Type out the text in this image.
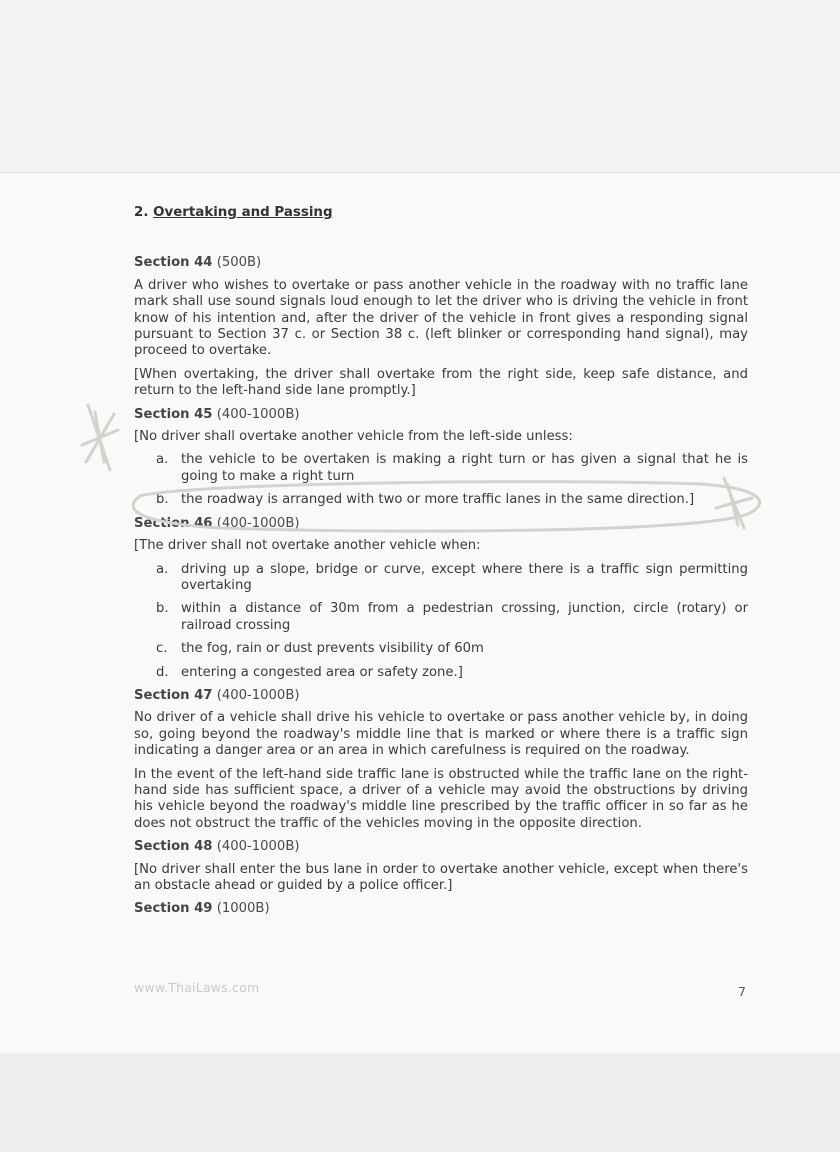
2. Overtaking and Passing
Section 44 (500B)

A driver who wishes to overtake or pass another vehicle in the roadway with no traffic lane mark shall use sound signals loud enough to let the driver who is driving the vehicle in front know of his intention and, after the driver of the vehicle in front gives a responding signal pursuant to Section 37 c. or Section 38 c. (left blinker or corresponding hand signal), may proceed to overtake.

[When overtaking, the driver shall overtake from the right side, keep safe distance, and return to the left-hand side lane promptly.]

Section 45 (400-1000B)

[No driver shall overtake another vehicle from the left-side unless:

a. the vehicle to be overtaken is making a right turn or has given a signal that he is going to make a right turn
b. the roadway is arranged with two or more traffic lanes in the same direction.]
Section 46 (400-1000B)

[The driver shall not overtake another vehicle when:

a. driving up a slope, bridge or curve, except where there is a traffic sign permitting overtaking
b. within a distance of 30m from a pedestrian crossing, junction, circle (rotary) or railroad crossing
c. the fog, rain or dust prevents visibility of 60m
d. entering a congested area or safety zone.]
Section 47 (400-1000B)

No driver of a vehicle shall drive his vehicle to overtake or pass another vehicle by, in doing so, going beyond the roadway's middle line that is marked or where there is a traffic sign indicating a danger area or an area in which carefulness is required on the roadway.

In the event of the left-hand side traffic lane is obstructed while the traffic lane on the right-hand side has sufficient space, a driver of a vehicle may avoid the obstructions by driving his vehicle beyond the roadway's middle line prescribed by the traffic officer in so far as he does not obstruct the traffic of the vehicles moving in the opposite direction.

Section 48 (400-1000B)

[No driver shall enter the bus lane in order to overtake another vehicle, except when there's an obstacle ahead or guided by a police officer.]

Section 49 (1000B)
www.ThaiLaws.com	7
